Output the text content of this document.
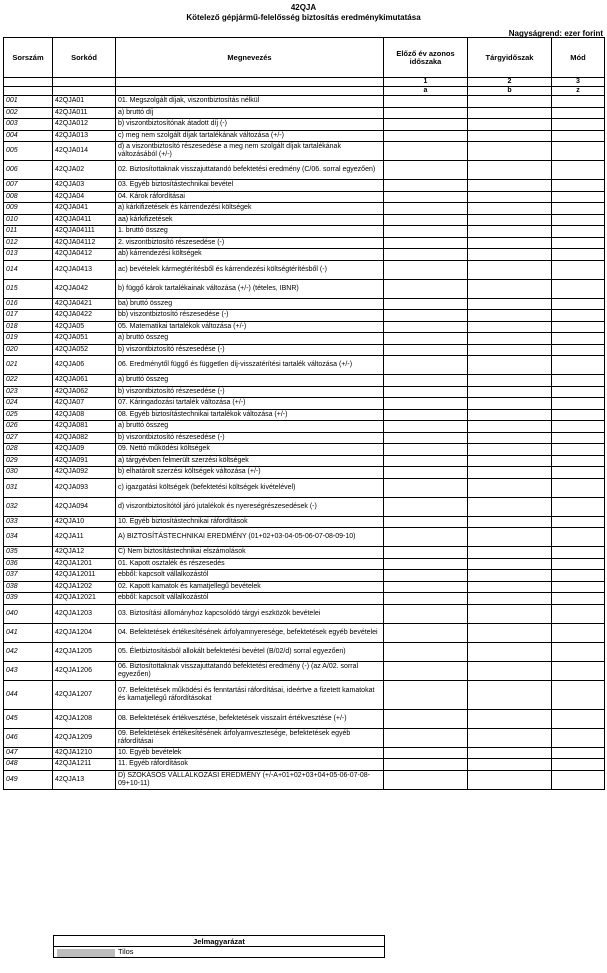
42QJA
Kötelező gépjármű-felelősség biztosítás eredménykimutatása
Nagyságrend: ezer forint
Sorszám	Sorkód	Megnevezés	Előző év azonos időszaka	Tárgyidőszak	Mód
			1	2	3
			a	b	z
001	42QJA01	01. Megszolgált díjak, viszontbiztosítás nélkül			
002	42QJA011	a) bruttó díj			
003	42QJA012	b) viszontbiztosítónak átadott díj (-)			
004	42QJA013	c) meg nem szolgált díjak tartalékának változása (+/-)			
005	42QJA014	d) a viszontbiztosító részesedése a meg nem szolgált díjak tartalékának változásából (+/-)			
006	42QJA02	02. Biztosítottaknak visszajuttatandó befektetési eredmény (C/06. sorral egyezően)			
007	42QJA03	03. Egyéb biztosítástechnikai bevétel			
008	42QJA04	04. Károk ráfordításai			
009	42QJA041	a) kárkifizetések és kárrendezési költségek			
010	42QJA0411	aa) kárkifizetések			
011	42QJA04111	1. bruttó összeg			
012	42QJA04112	2. viszontbiztosító részesedése (-)			
013	42QJA0412	ab) kárrendezési költségek			
014	42QJA0413	ac) bevételek kármegtérítésből és kárrendezési költségtérítésből (-)			
015	42QJA042	b) függő károk tartalékainak változása (+/-) (tételes, IBNR)			
016	42QJA0421	ba) bruttó összeg			
017	42QJA0422	bb) viszontbiztosító részesedése (-)			
018	42QJA05	05. Matematikai tartalékok változása (+/-)			
019	42QJA051	a) bruttó összeg			
020	42QJA052	b) viszontbiztosító részesedése (-)			
021	42QJA06	06. Eredménytől függő és független díj-visszatérítési tartalék változása (+/-)			
022	42QJA061	a) bruttó összeg			
023	42QJA062	b) viszontbiztosító részesedése (-)			
024	42QJA07	07. Káringadozási tartalék változása (+/-)			
025	42QJA08	08. Egyéb biztosítástechnikai tartalékok változása (+/-)			
026	42QJA081	a) bruttó összeg			
027	42QJA082	b) viszontbiztosító részesedése (-)			
028	42QJA09	09. Nettó működési költségek			
029	42QJA091	a) tárgyévben felmerült szerzési költségek			
030	42QJA092	b) elhatárolt szerzési költségek változása (+/-)			
031	42QJA093	c) igazgatási költségek (befektetési költségek kivételével)			
032	42QJA094	d) viszontbiztosítótól járó jutalékok és nyereségrészesedések (-)			
033	42QJA10	10. Egyéb biztosítástechnikai ráfordítások			
034	42QJA11	A) BIZTOSÍTÁSTECHNIKAI EREDMÉNY (01+02+03-04-05-06-07-08-09-10)			
035	42QJA12	C) Nem biztosítástechnikai elszámolások			
036	42QJA1201	01. Kapott osztalék és részesedés			
037	42QJA12011	ebből: kapcsolt vállalkozástól			
038	42QJA1202	02. Kapott kamatok és kamatjellegű bevételek			
039	42QJA12021	ebből: kapcsolt vállalkozástól			
040	42QJA1203	03. Biztosítási állományhoz kapcsolódó tárgyi eszközök bevételei			
041	42QJA1204	04. Befektetések értékesítésének árfolyamnyeresége, befektetések egyéb bevételei			
042	42QJA1205	05. Életbiztosításból allokált befektetési bevétel (B/02/d) sorral egyezően)			
043	42QJA1206	06. Biztosítottaknak visszajuttatandó befektetési eredmény (-) (az A/02. sorral egyezően)			
044	42QJA1207	07. Befektetések működési és fenntartási ráfordításai, ideértve a fizetett kamatokat és kamatjellegű ráfordításokat			
045	42QJA1208	08. Befektetések értékvesztése, befektetések visszaírt értékvesztése (+/-)			
046	42QJA1209	09. Befektetések értékesítésének árfolyamvesztesége, befektetések egyéb ráfordításai			
047	42QJA1210	10. Egyéb bevételek			
048	42QJA1211	11. Egyéb ráfordítások			
049	42QJA13	D) SZOKÁSOS VÁLLALKOZÁSI EREDMÉNY (+/-A+01+02+03+04+05-06-07-08-09+10-11)			
Jelmagyarázat
Tilos
